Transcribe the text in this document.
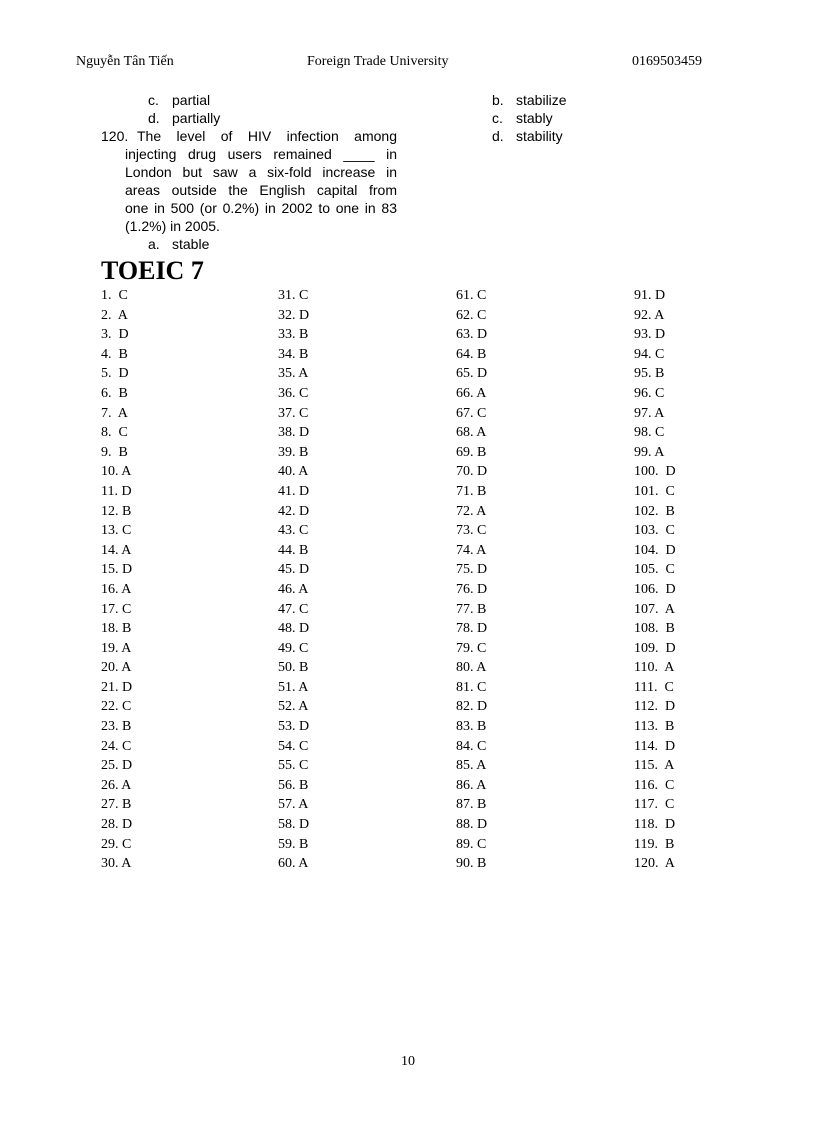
Nguyễn Tân Tiến	Foreign Trade University	0169503459
c. partial
d. partially
120. The level of HIV infection among
injecting drug users remained ____ in
London but saw a six-fold increase in
areas outside the English capital from
one in 500 (or 0.2%) in 2002 to one in 83
(1.2%) in 2005.
a. stable
b. stabilize
c. stably
d. stability
TOEIC 7
1.  C
2.  A
3.  D
4.  B
5.  D
6.  B
7.  A
8.  C
9.  B
10. A
11. D
12. B
13. C
14. A
15. D
16. A
17. C
18. B
19. A
20. A
21. D
22. C
23. B
24. C
25. D
26. A
27. B
28. D
29. C
30. A
31. C
32. D
33. B
34. B
35. A
36. C
37. C
38. D
39. B
40. A
41. D
42. D
43. C
44. B
45. D
46. A
47. C
48. D
49. C
50. B
51. A
52. A
53. D
54. C
55. C
56. B
57. A
58. D
59. B
60. A
61. C
62. C
63. D
64. B
65. D
66. A
67. C
68. A
69. B
70. D
71. B
72. A
73. C
74. A
75. D
76. D
77. B
78. D
79. C
80. A
81. C
82. D
83. B
84. C
85. A
86. A
87. B
88. D
89. C
90. B
91. D
92. A
93. D
94. C
95. B
96. C
97. A
98. C
99. A
100.  D
101.  C
102.  B
103.  C
104.  D
105.  C
106.  D
107.  A
108.  B
109.  D
110.  A
111.  C
112.  D
113.  B
114.  D
115.  A
116.  C
117.  C
118.  D
119.  B
120.  A
10
